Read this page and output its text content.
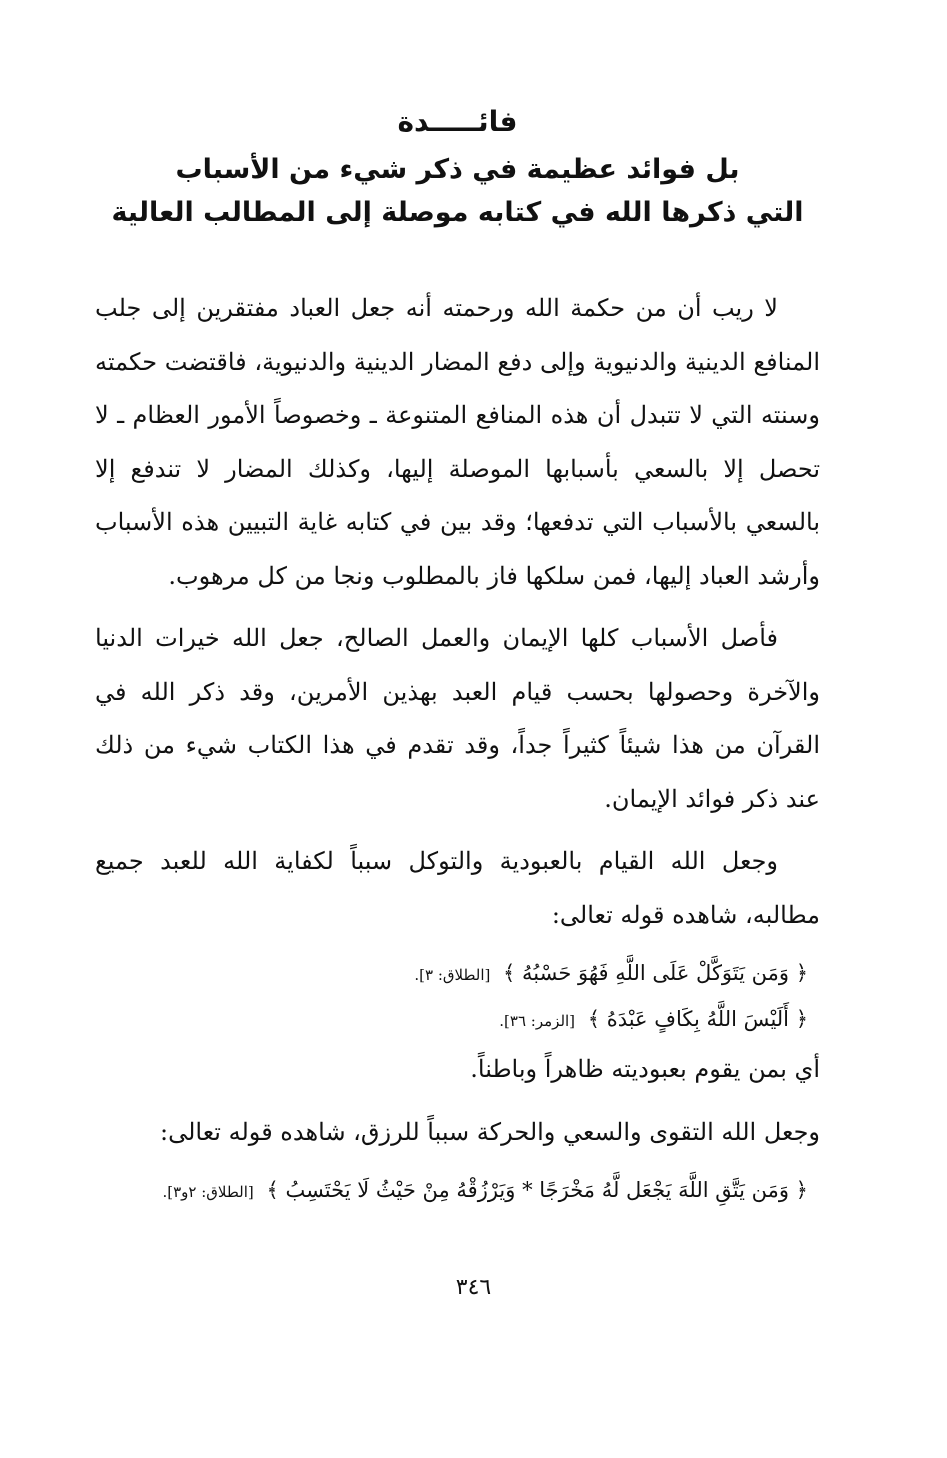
فائـــــدة
بل فوائد عظيمة في ذكر شيء من الأسباب
التي ذكرها الله في كتابه موصلة إلى المطالب العالية

لا ريب أن من حكمة الله ورحمته أنه جعل العباد مفتقرين إلى جلب المنافع الدينية والدنيوية وإلى دفع المضار الدينية والدنيوية، فاقتضت حكمته وسنته التي لا تتبدل أن هذه المنافع المتنوعة ـ وخصوصاً الأمور العظام ـ لا تحصل إلا بالسعي بأسبابها الموصلة إليها، وكذلك المضار لا تندفع إلا بالسعي بالأسباب التي تدفعها؛ وقد بين في كتابه غاية التبيين هذه الأسباب وأرشد العباد إليها، فمن سلكها فاز بالمطلوب ونجا من كل مرهوب.

فأصل الأسباب كلها الإيمان والعمل الصالح، جعل الله خيرات الدنيا والآخرة وحصولها بحسب قيام العبد بهذين الأمرين، وقد ذكر الله في القرآن من هذا شيئاً كثيراً جداً، وقد تقدم في هذا الكتاب شيء من ذلك عند ذكر فوائد الإيمان.

وجعل الله القيام بالعبودية والتوكل سبباً لكفاية الله للعبد جميع مطالبه، شاهده قوله تعالى:

﴿ وَمَن يَتَوَكَّلْ عَلَى اللَّهِ فَهُوَ حَسْبُهُ ﴾ [الطلاق: ٣].

﴿ أَلَيْسَ اللَّهُ بِكَافٍ عَبْدَهُ ﴾ [الزمر: ٣٦].

أي بمن يقوم بعبوديته ظاهراً وباطناً.

وجعل الله التقوى والسعي والحركة سبباً للرزق، شاهده قوله تعالى:

﴿ وَمَن يَتَّقِ اللَّهَ يَجْعَل لَّهُ مَخْرَجًا * وَيَرْزُقْهُ مِنْ حَيْثُ لَا يَحْتَسِبُ ﴾ [الطلاق: ٢و٣].

٣٤٦
